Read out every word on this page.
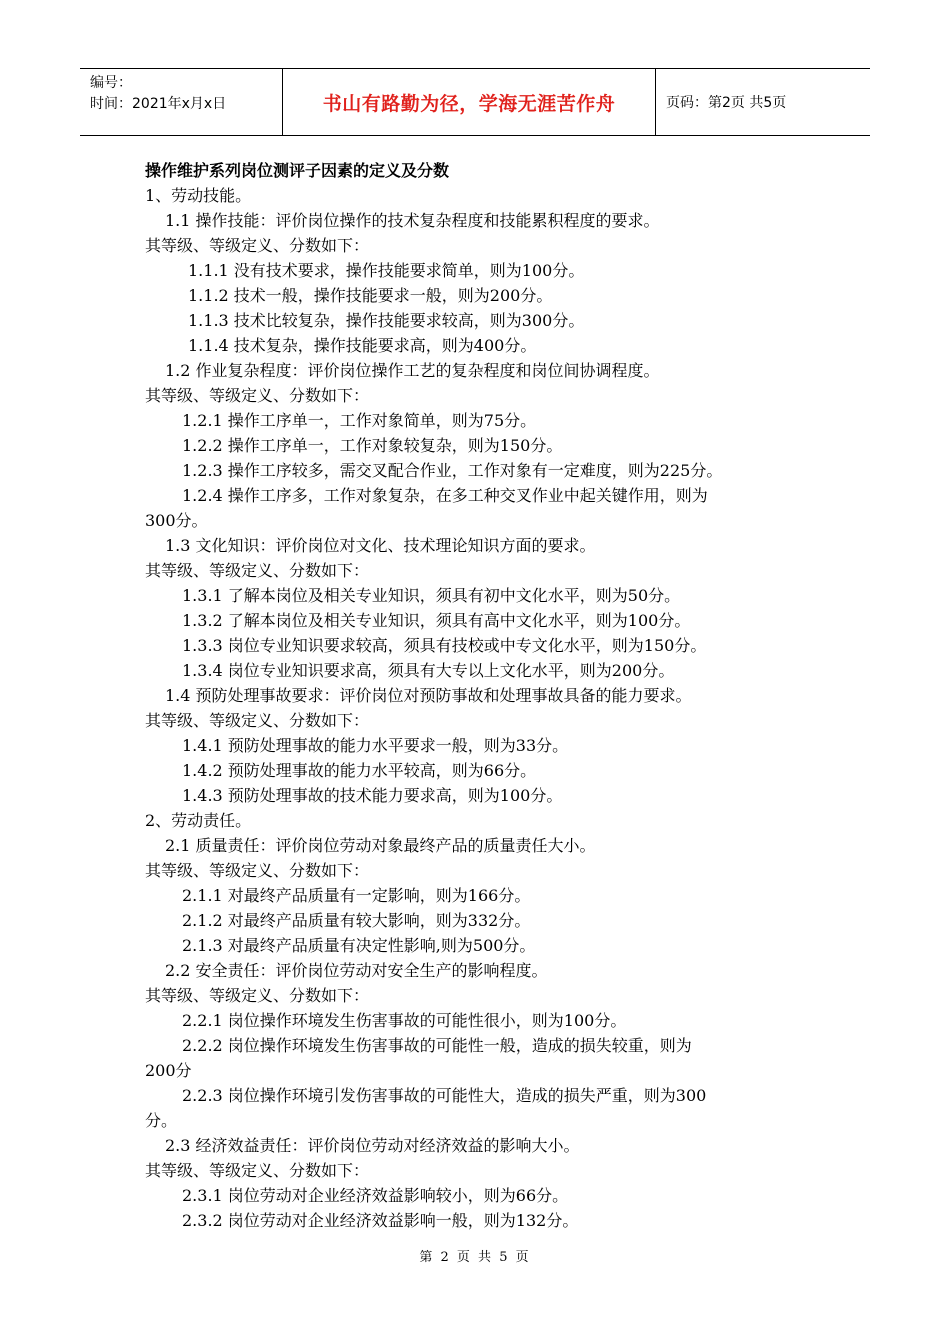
编号：
时间：2021年x月x日	书山有路勤为径，学海无涯苦作舟	页码：第2页 共5页

操作维护系列岗位测评子因素的定义及分数

1、劳动技能。

1.1 操作技能：评价岗位操作的技术复杂程度和技能累积程度的要求。

其等级、等级定义、分数如下：

1.1.1 没有技术要求，操作技能要求简单，则为100分。

1.1.2 技术一般，操作技能要求一般，则为200分。

1.1.3 技术比较复杂，操作技能要求较高，则为300分。

1.1.4 技术复杂，操作技能要求高，则为400分。

1.2 作业复杂程度：评价岗位操作工艺的复杂程度和岗位间协调程度。

其等级、等级定义、分数如下：

1.2.1 操作工序单一，工作对象简单，则为75分。

1.2.2 操作工序单一，工作对象较复杂，则为150分。

1.2.3 操作工序较多，需交叉配合作业，工作对象有一定难度，则为225分。

1.2.4 操作工序多，工作对象复杂，在多工种交叉作业中起关键作用，则为

300分。

1.3 文化知识：评价岗位对文化、技术理论知识方面的要求。

其等级、等级定义、分数如下：

1.3.1 了解本岗位及相关专业知识，须具有初中文化水平，则为50分。

1.3.2 了解本岗位及相关专业知识，须具有高中文化水平，则为100分。

1.3.3 岗位专业知识要求较高，须具有技校或中专文化水平，则为150分。

1.3.4 岗位专业知识要求高，须具有大专以上文化水平，则为200分。

1.4 预防处理事故要求：评价岗位对预防事故和处理事故具备的能力要求。

其等级、等级定义、分数如下：

1.4.1 预防处理事故的能力水平要求一般，则为33分。

1.4.2 预防处理事故的能力水平较高，则为66分。

1.4.3 预防处理事故的技术能力要求高，则为100分。

2、劳动责任。

2.1 质量责任：评价岗位劳动对象最终产品的质量责任大小。

其等级、等级定义、分数如下：

2.1.1 对最终产品质量有一定影响，则为166分。

2.1.2 对最终产品质量有较大影响，则为332分。

2.1.3 对最终产品质量有决定性影响,则为500分。

2.2 安全责任：评价岗位劳动对安全生产的影响程度。

其等级、等级定义、分数如下：

2.2.1 岗位操作环境发生伤害事故的可能性很小，则为100分。

2.2.2 岗位操作环境发生伤害事故的可能性一般，造成的损失较重，则为

200分

2.2.3 岗位操作环境引发伤害事故的可能性大，造成的损失严重，则为300

分。

2.3 经济效益责任：评价岗位劳动对经济效益的影响大小。

其等级、等级定义、分数如下：

2.3.1 岗位劳动对企业经济效益影响较小，则为66分。

2.3.2 岗位劳动对企业经济效益影响一般，则为132分。

第 2 页 共 5 页
